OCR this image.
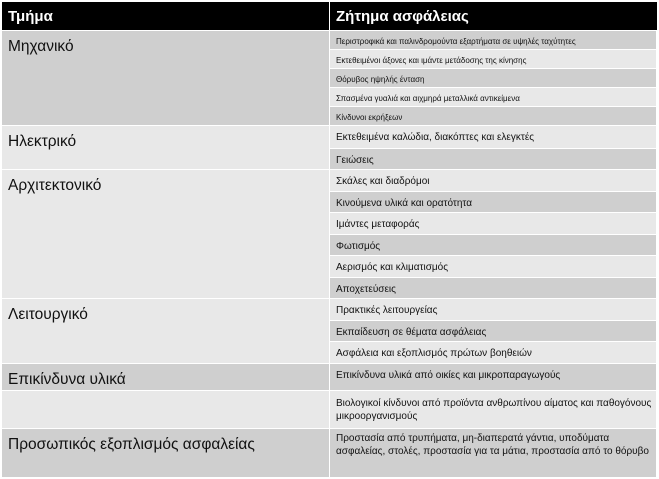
Τμήμα	Ζήτημα ασφάλειας
Μηχανικό	Περιστροφικά και παλινδρομούντα εξαρτήματα σε υψηλές ταχύτητες
	Εκτεθειμένοι άξονες και ιμάντε μετάδοσης της κίνησης
	Θόρυβος ηψηλής ένταση
	Σπασμένα γυαλιά και αιχμηρά μεταλλικά αντικείμενα
	Κίνδυνοι εκρήξεων
Ηλεκτρικό	Εκτεθειμένα καλώδια, διακόπτες και ελεγκτές
	Γειώσεις
Αρχιτεκτονικό	Σκάλες και διαδρόμοι
	Κινούμενα υλικά και ορατότητα
	Ιμάντες μεταφοράς
	Φωτισμός
	Αερισμός και κλιματισμός
	Αποχετεύσεις
Λειτουργικό	Πρακτικές λειτουργείας
	Εκπαίδευση σε θέματα ασφάλειας
	Ασφάλεια και εξοπλισμός πρώτων βοηθειών
Επικίνδυνα υλικά	Επικίνδυνα υλικά από οικίες και μικροπαραγωγούς
	Βιολογικοί κίνδυνοι από προϊόντα ανθρωπίνου αίματος και παθογόνους μικροοργανισμούς
Προσωπικός εξοπλισμός ασφαλείας	Προστασία από τρυπήματα, μη-διαπερατά γάντια, υποδύματα ασφαλείας, στολές, προστασία για τα μάτια, προστασία από το θόρυβο
